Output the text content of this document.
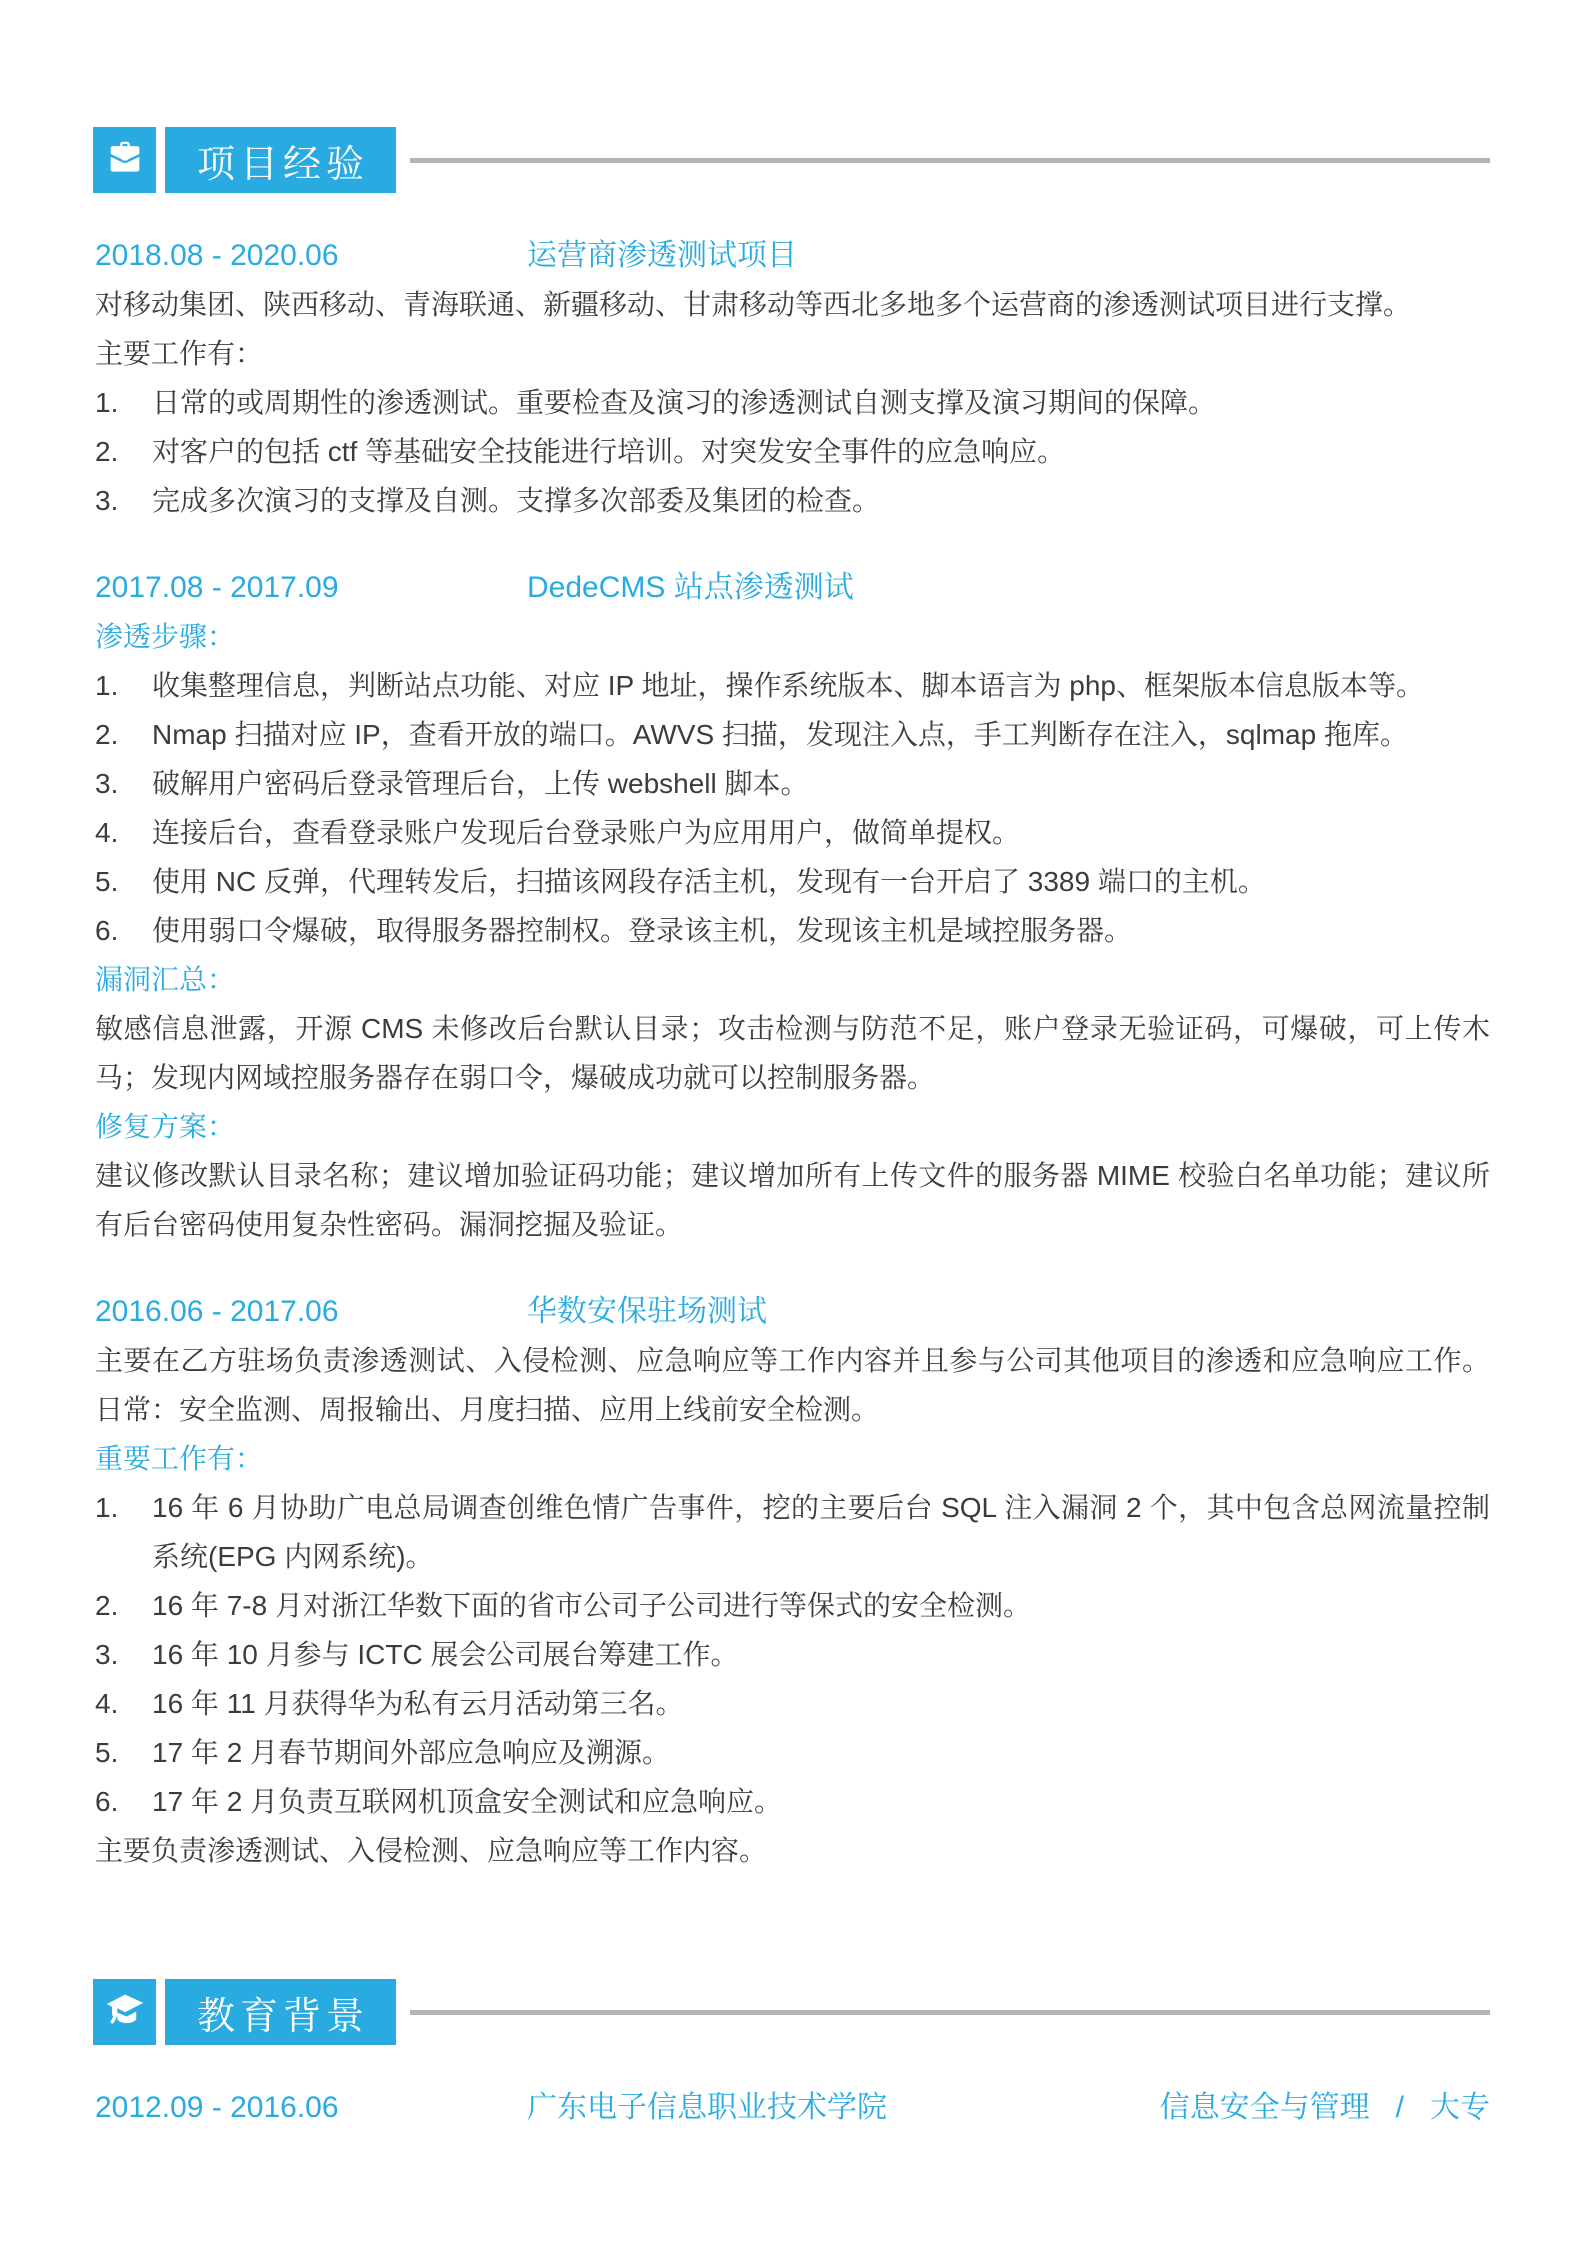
项目经验
2018.08 - 2020.06	运营商渗透测试项目

对移动集团、陕西移动、青海联通、新疆移动、甘肃移动等西北多地多个运营商的渗透测试项目进行支撑。

主要工作有：

1.	日常的或周期性的渗透测试。重要检查及演习的渗透测试自测支撑及演习期间的保障。
2.	对客户的包括 ctf 等基础安全技能进行培训。对突发安全事件的应急响应。
3.	完成多次演习的支撑及自测。支撑多次部委及集团的检查。
2017.08 - 2017.09	DedeCMS 站点渗透测试

渗透步骤：

1.	收集整理信息，判断站点功能、对应 IP 地址，操作系统版本、脚本语言为 php、框架版本信息版本等。
2.	Nmap 扫描对应 IP，查看开放的端口。AWVS 扫描，发现注入点，手工判断存在注入，sqlmap 拖库。
3.	破解用户密码后登录管理后台，上传 webshell 脚本。
4.	连接后台，查看登录账户发现后台登录账户为应用用户，做简单提权。
5.	使用 NC 反弹，代理转发后，扫描该网段存活主机，发现有一台开启了 3389 端口的主机。
6.	使用弱口令爆破，取得服务器控制权。登录该主机，发现该主机是域控服务器。

漏洞汇总：

敏感信息泄露，开源 CMS 未修改后台默认目录；攻击检测与防范不足，账户登录无验证码，可爆破，可上传木马；发现内网域控服务器存在弱口令，爆破成功就可以控制服务器。

修复方案：

建议修改默认目录名称；建议增加验证码功能；建议增加所有上传文件的服务器 MIME 校验白名单功能；建议所有后台密码使用复杂性密码。漏洞挖掘及验证。

2016.06 - 2017.06	华数安保驻场测试

主要在乙方驻场负责渗透测试、入侵检测、应急响应等工作内容并且参与公司其他项目的渗透和应急响应工作。日常：安全监测、周报输出、月度扫描、应用上线前安全检测。

重要工作有：

1.	16 年 6 月协助广电总局调查创维色情广告事件，挖的主要后台 SQL 注入漏洞 2 个，其中包含总网流量控制系统(EPG 内网系统)。
2.	16 年 7-8 月对浙江华数下面的省市公司子公司进行等保式的安全检测。
3.	16 年 10 月参与 ICTC 展会公司展台筹建工作。
4.	16 年 11 月获得华为私有云月活动第三名。
5.	17 年 2 月春节期间外部应急响应及溯源。
6.	17 年 2 月负责互联网机顶盒安全测试和应急响应。

主要负责渗透测试、入侵检测、应急响应等工作内容。

教育背景
2012.09 - 2016.06	广东电子信息职业技术学院	信息安全与管理 / 大专
